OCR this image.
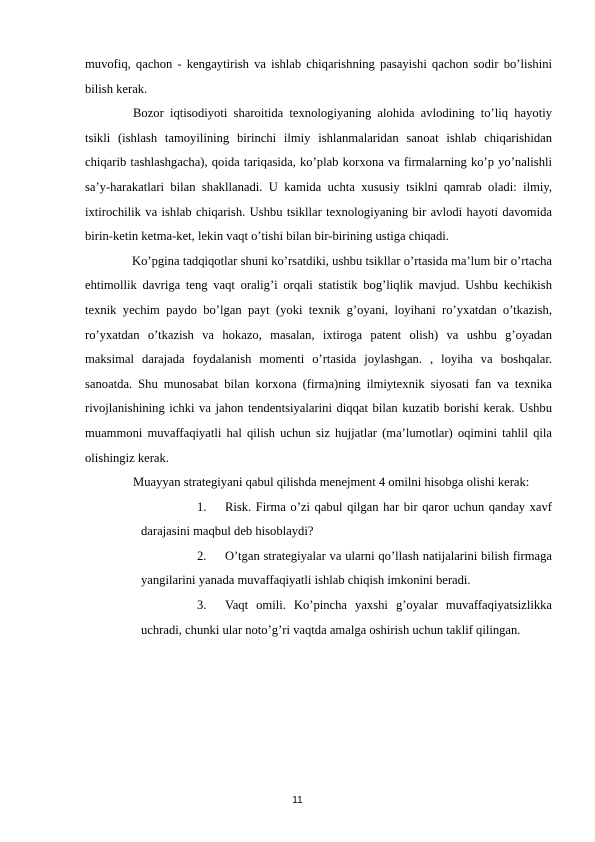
muvofiq, qachon - kengaytirish va ishlab chiqarishning pasayishi qachon sodir bo’lishini bilish kerak.

Bozor iqtisodiyoti sharoitida texnologiyaning alohida avlodining to’liq hayotiy tsikli (ishlash tamoyilining birinchi ilmiy ishlanmalaridan sanoat ishlab chiqarishidan chiqarib tashlashgacha), qoida tariqasida, ko’plab korxona va firmalarning ko’p yo’nalishli sa’y-harakatlari bilan shakllanadi. U kamida uchta xususiy tsiklni qamrab oladi: ilmiy, ixtirochilik va ishlab chiqarish. Ushbu tsikllar texnologiyaning bir avlodi hayoti davomida birin-ketin ketma-ket, lekin vaqt o’tishi bilan bir-birining ustiga chiqadi.

Ko’pgina tadqiqotlar shuni ko’rsatdiki, ushbu tsikllar o’rtasida ma’lum bir o’rtacha ehtimollik davriga teng vaqt oralig’i orqali statistik bog’liqlik mavjud. Ushbu kechikish texnik yechim paydo bo’lgan payt (yoki texnik g’oyani, loyihani ro’yxatdan o’tkazish, ro’yxatdan o’tkazish va hokazo, masalan, ixtiroga patent olish) va ushbu g’oyadan maksimal darajada foydalanish momenti o’rtasida joylashgan. , loyiha va boshqalar. sanoatda. Shu munosabat bilan korxona (firma)ning ilmiytexnik siyosati fan va texnika rivojlanishining ichki va jahon tendentsiyalarini diqqat bilan kuzatib borishi kerak. Ushbu muammoni muvaffaqiyatli hal qilish uchun siz hujjatlar (ma’lumotlar) oqimini tahlil qila olishingiz kerak.

Muayyan strategiyani qabul qilishda menejment 4 omilni hisobga olishi kerak:

1. Risk. Firma o’zi qabul qilgan har bir qaror uchun qanday xavf darajasini maqbul deb hisoblaydi?
2. O’tgan strategiyalar va ularni qo’llash natijalarini bilish firmaga yangilarini yanada muvaffaqiyatli ishlab chiqish imkonini beradi.
3. Vaqt omili. Ko’pincha yaxshi g’oyalar muvaffaqiyatsizlikka uchradi, chunki ular noto’g’ri vaqtda amalga oshirish uchun taklif qilingan.
11
